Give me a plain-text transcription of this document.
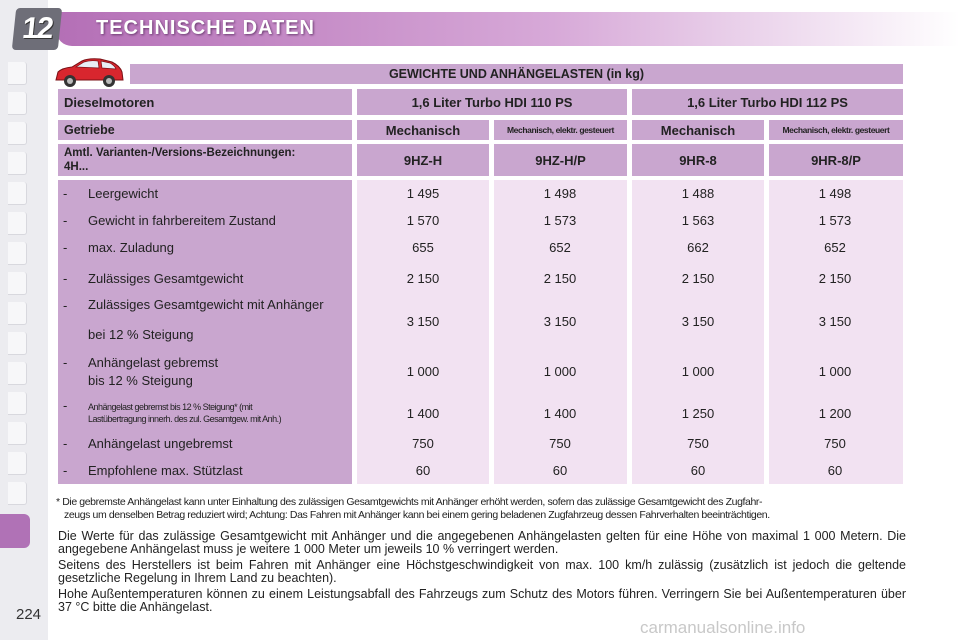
12 TECHNISCHE DATEN
GEWICHTE UND ANHÄNGELASTEN (in kg)
Dieselmotoren	1,6 Liter Turbo HDI 110 PS	1,6 Liter Turbo HDI 112 PS
Getriebe	Mechanisch	Mechanisch, elektr. gesteuert	Mechanisch	Mechanisch, elektr. gesteuert
Amtl. Varianten-/Versions-Bezeichnungen:
4H...	9HZ-H	9HZ-H/P	9HR-8	9HR-8/P
- Leergewicht	1 495	1 498	1 488	1 498
- Gewicht in fahrbereitem Zustand	1 570	1 573	1 563	1 573
- max. Zuladung	655	652	662	652
- Zulässiges Gesamtgewicht	2 150	2 150	2 150	2 150
- Zulässiges Gesamtgewicht mit Anhänger
bei 12 % Steigung
3 150	3 150	3 150	3 150
- Anhängelast gebremst
bis 12 % Steigung
1 000	1 000	1 000	1 000
- Anhängelast gebremst bis 12 % Steigung* (mit
Lastübertragung innerh. des zul. Gesamtgew. mit Anh.)	1 400	1 400	1 250	1 200
- Anhängelast ungebremst	750	750	750	750
- Empfohlene max. Stützlast	60	60	60	60
* Die gebremste Anhängelast kann unter Einhaltung des zulässigen Gesamtgewichts mit Anhänger erhöht werden, sofern das zulässige Gesamtgewicht des Zugfahr-
zeugs um denselben Betrag reduziert wird; Achtung: Das Fahren mit Anhänger kann bei einem gering beladenen Zugfahrzeug dessen Fahrverhalten beeinträchtigen.
Die Werte für das zulässige Gesamtgewicht mit Anhänger und die angegebenen Anhängelasten gelten für eine Höhe von maximal 1 000 Metern. Die angegebene Anhängelast muss je weitere 1 000 Meter um jeweils 10 % verringert werden.
Seitens des Herstellers ist beim Fahren mit Anhänger eine Höchstgeschwindigkeit von max. 100 km/h zulässig (zusätzlich ist jedoch die geltende gesetzliche Regelung in Ihrem Land zu beachten).
Hohe Außentemperaturen können zu einem Leistungsabfall des Fahrzeugs zum Schutz des Motors führen. Verringern Sie bei Außentemperaturen über 37 °C bitte die Anhängelast.
224
carmanualsonline.info
